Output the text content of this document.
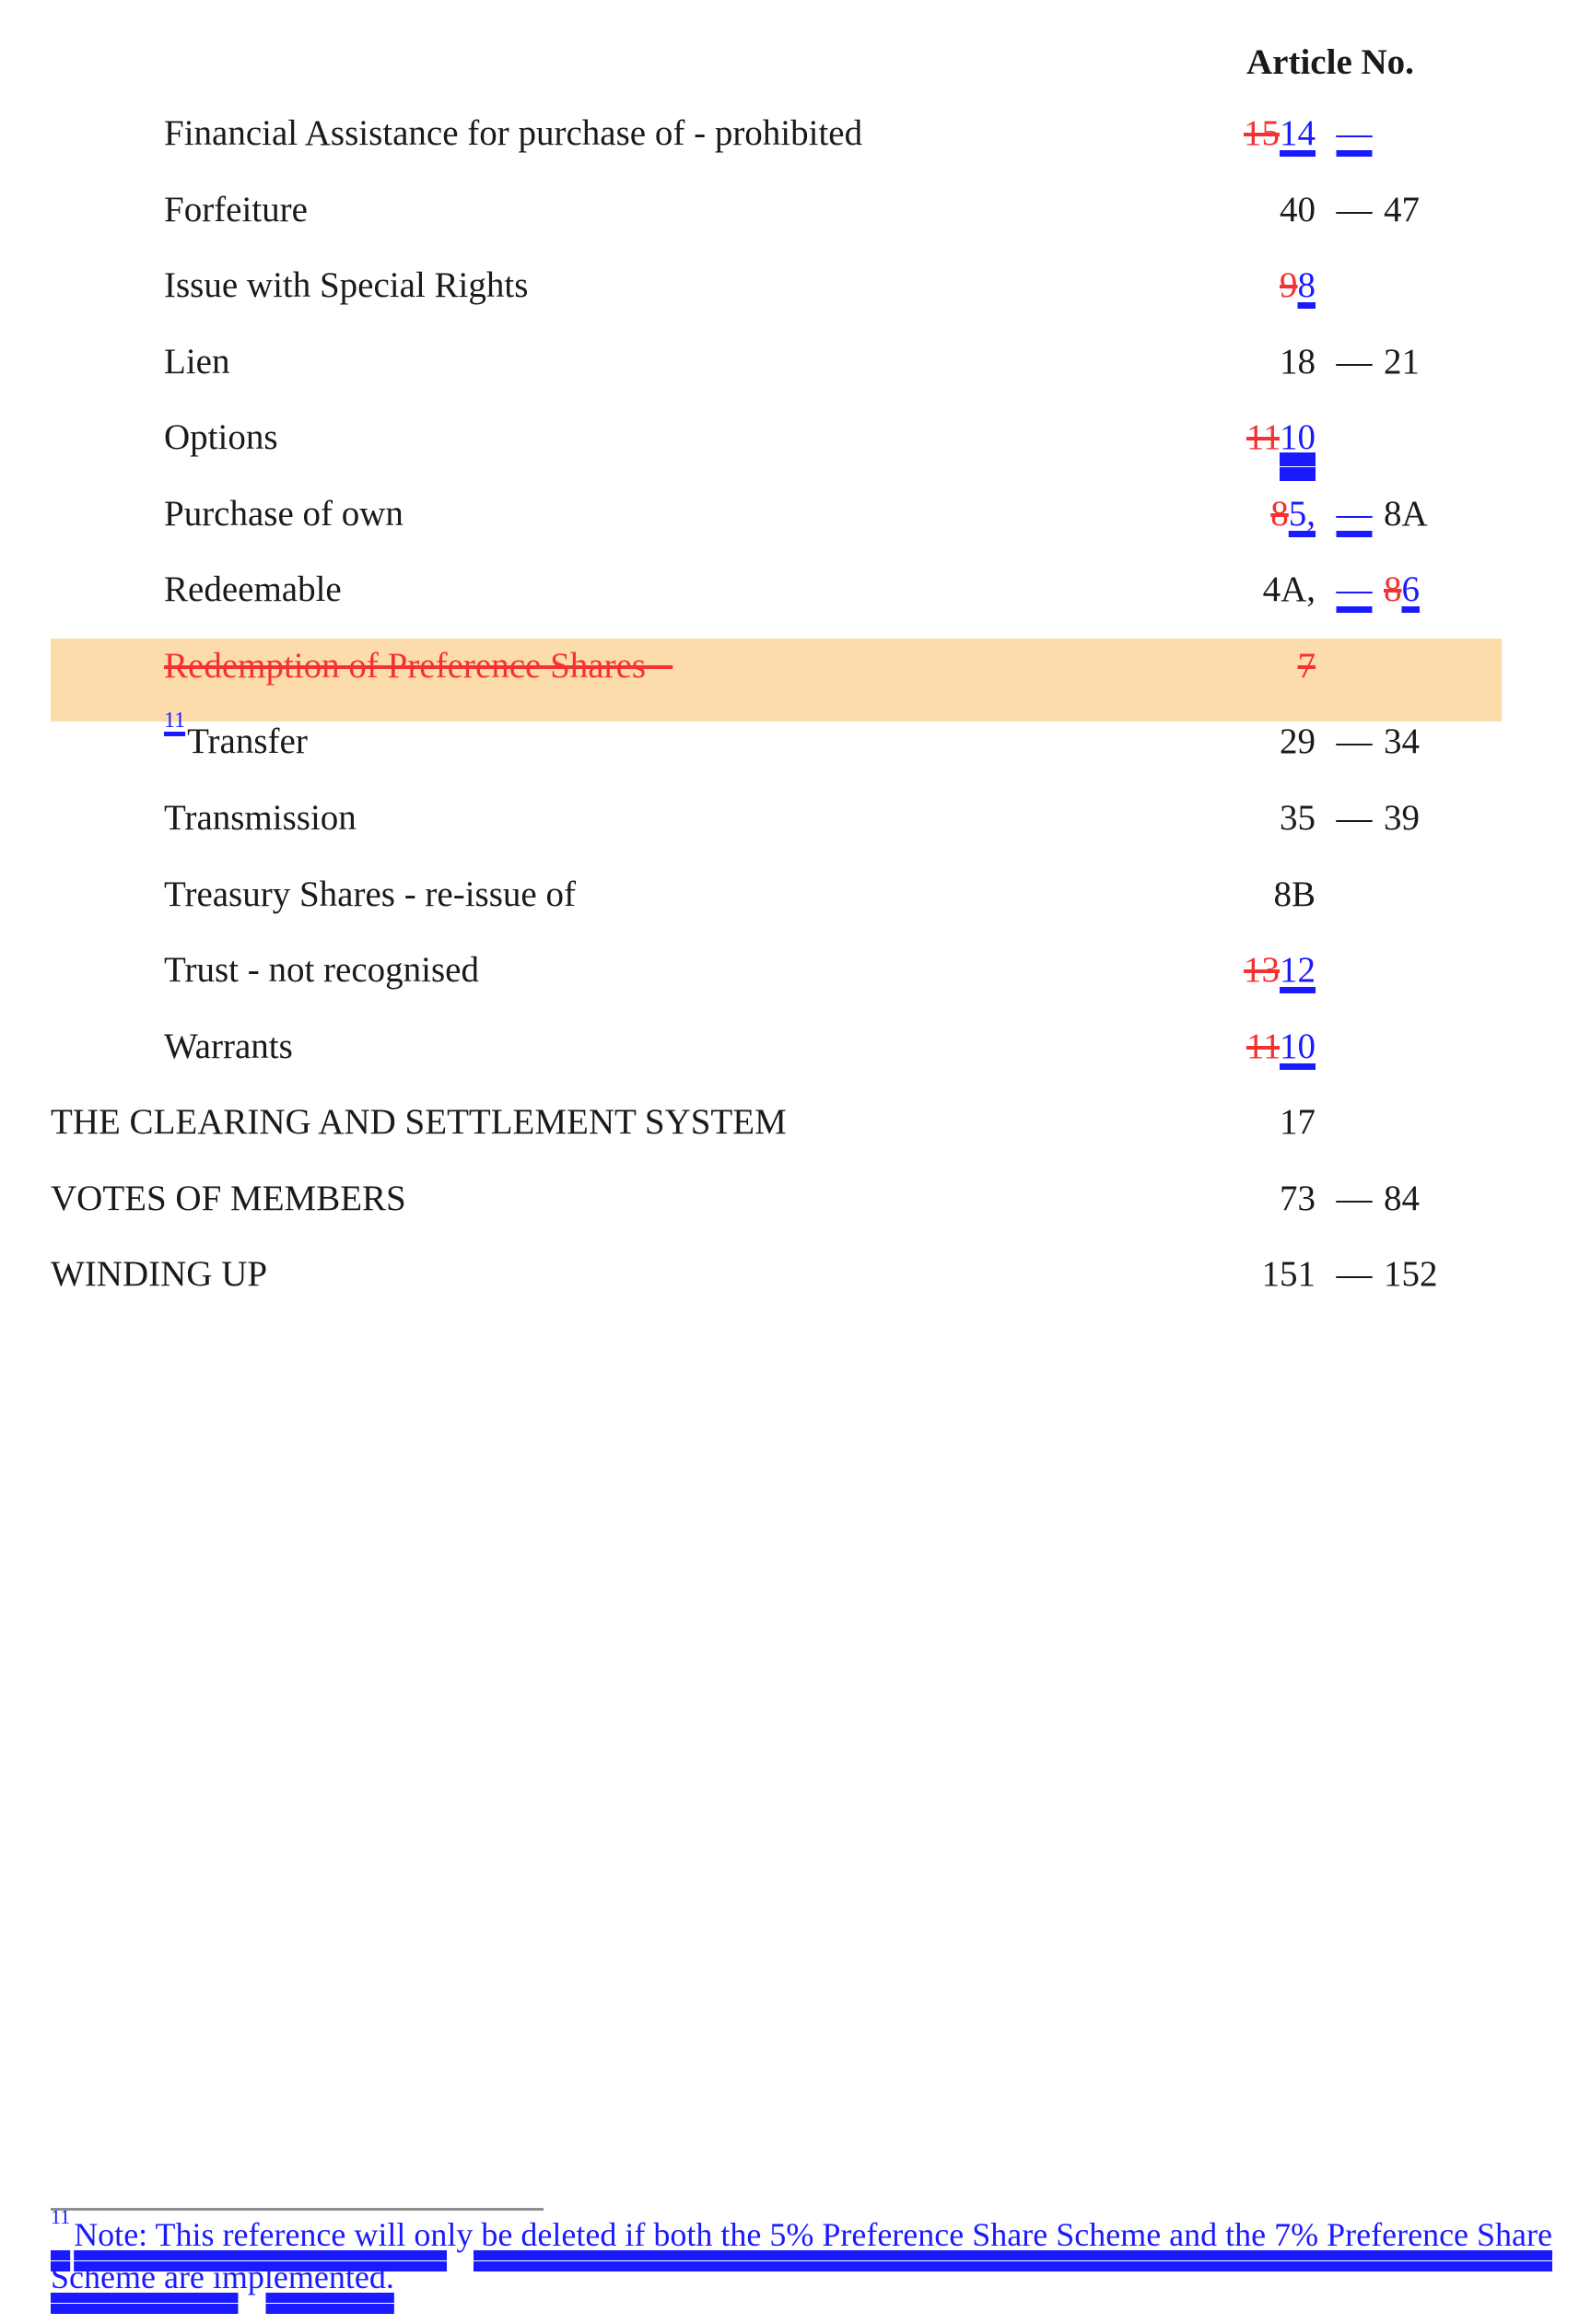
Article No.
Financial Assistance for purchase of - prohibited	1514 —
Forfeiture	40 — 47
Issue with Special Rights	98
Lien	18 — 21
Options	1110
Purchase of own	85, — 8A
Redeemable	4A, — 86
Redemption of Preference Shares	7
$^{11}$Transfer	29 — 34
Transmission	35 — 39
Treasury Shares - re-issue of	8B
Trust - not recognised	1312
Warrants	1110
THE CLEARING AND SETTLEMENT SYSTEM	17
VOTES OF MEMBERS	73 — 84
WINDING UP	151 — 152
$^{11}$ Note: This reference will only be deleted if both the 5% Preference Share Scheme and the 7% Preference Share Scheme are implemented.
